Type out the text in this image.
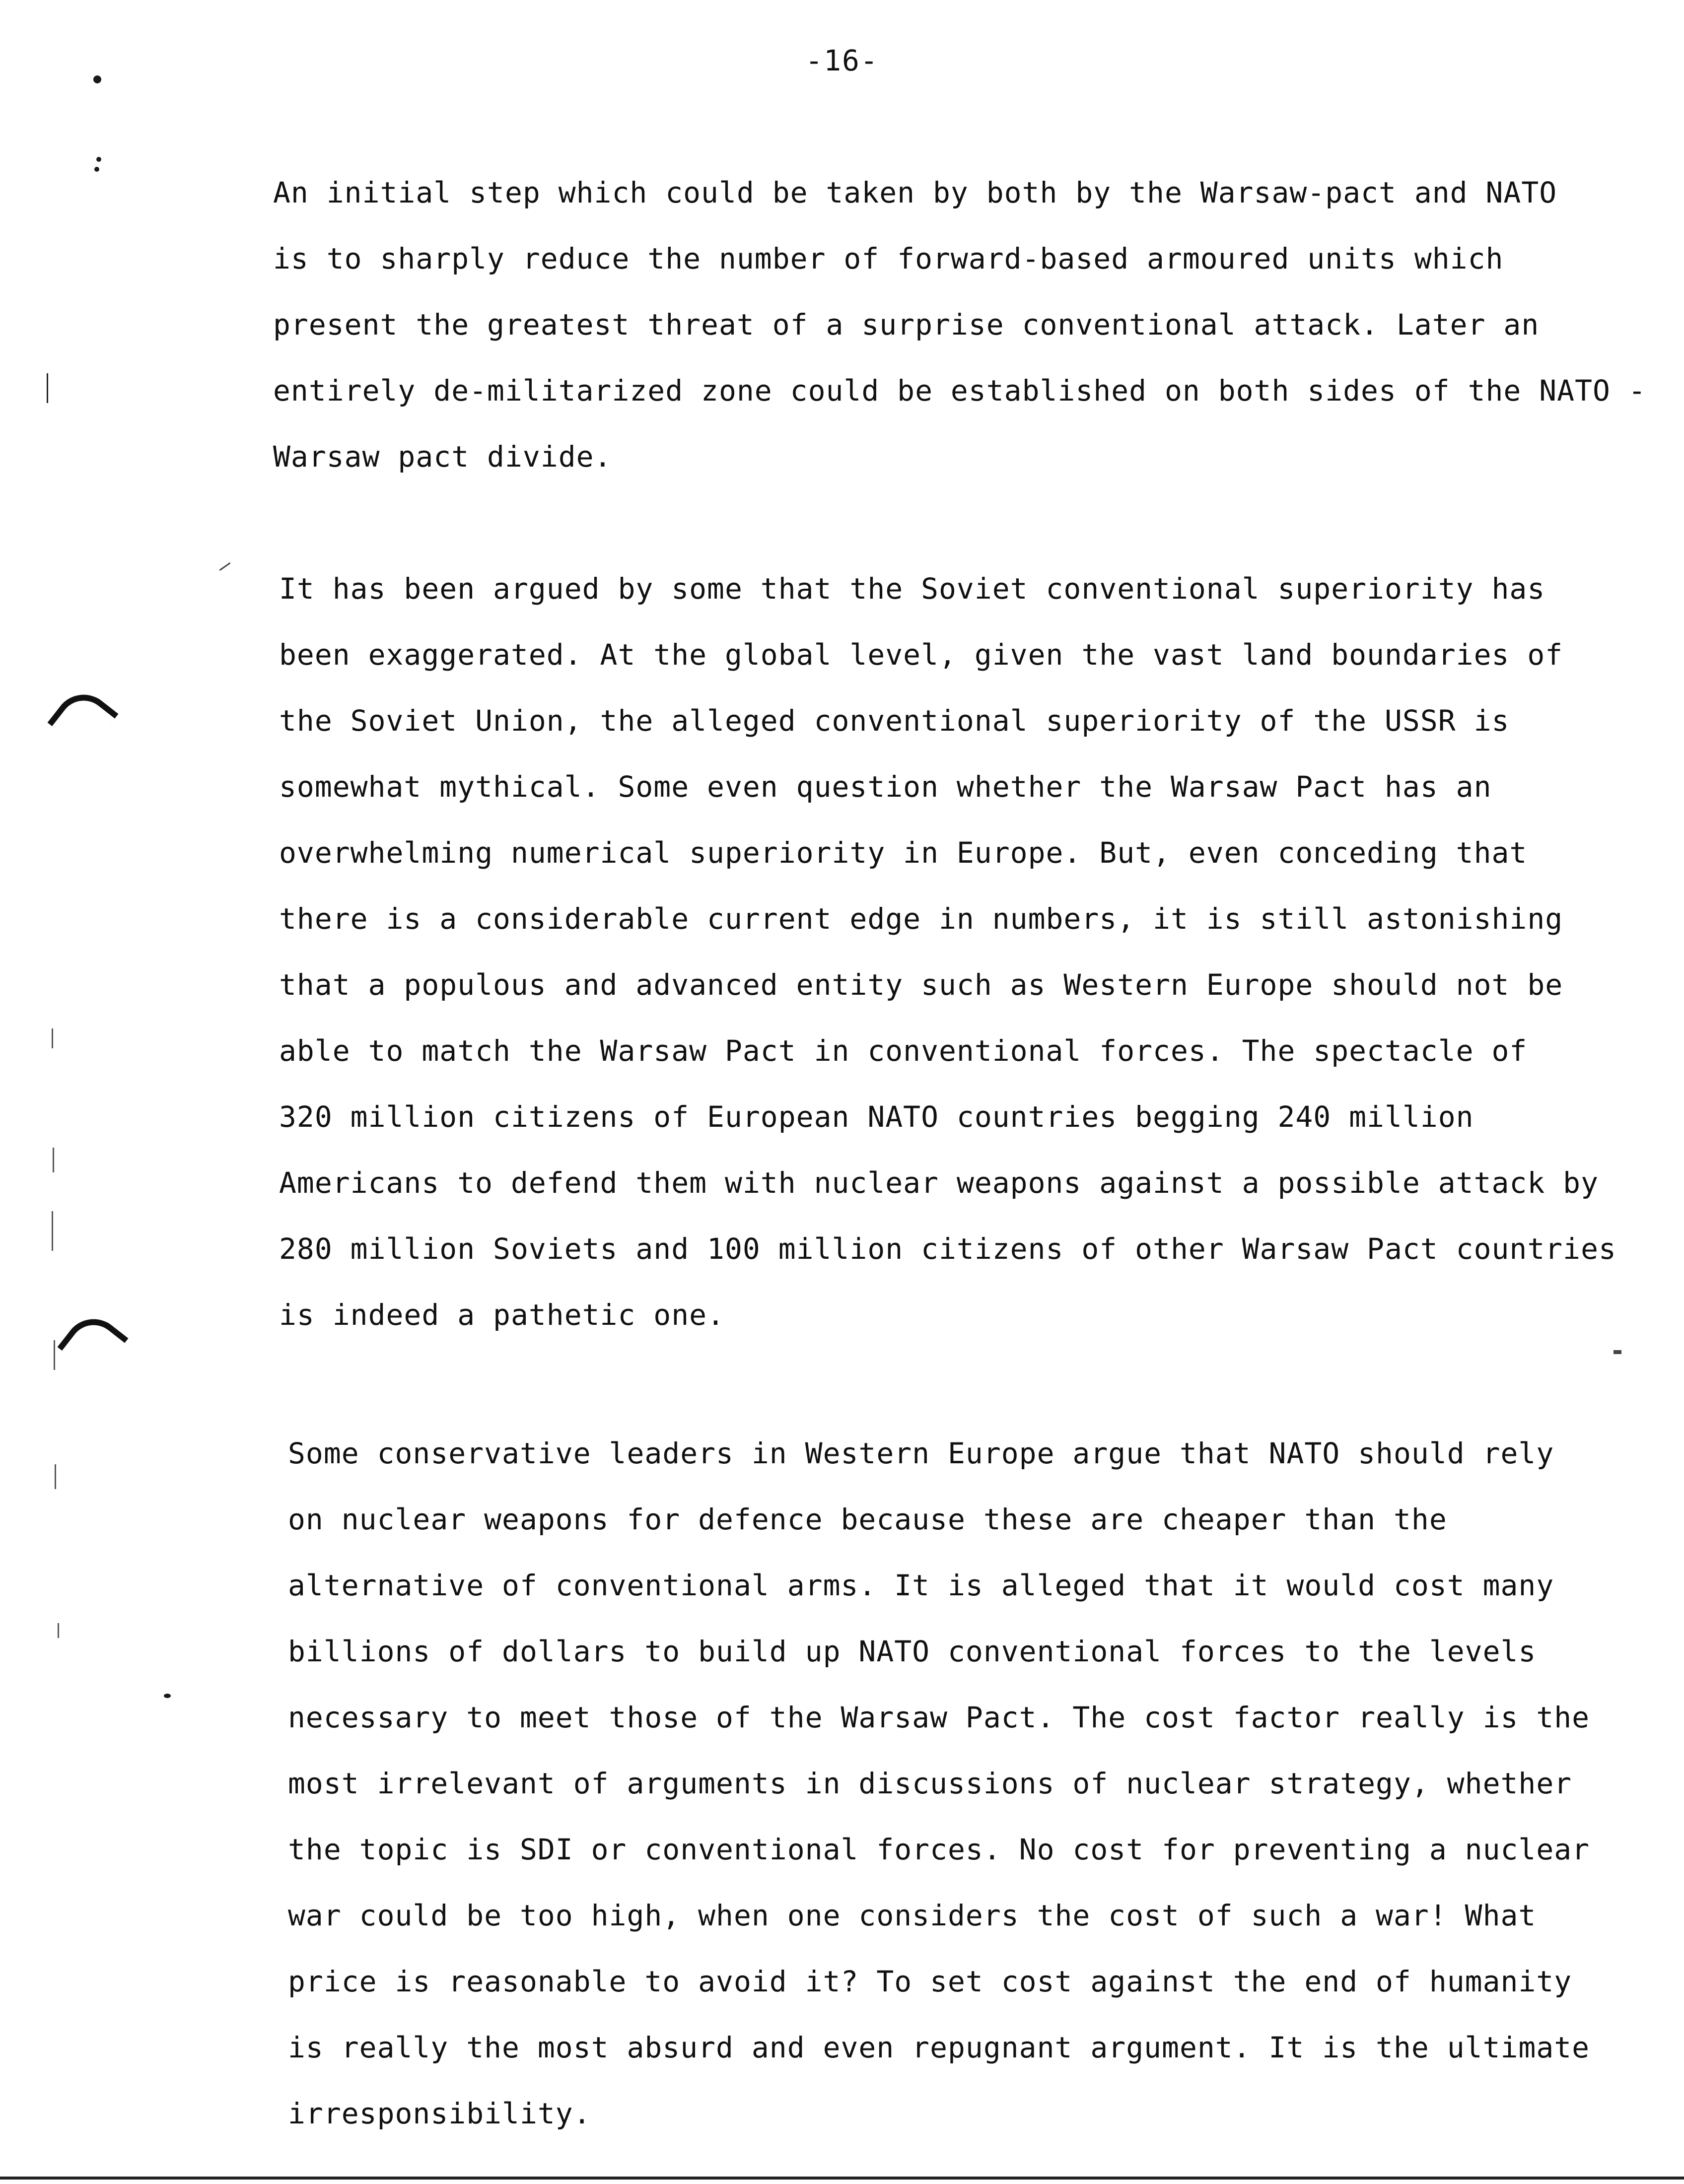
-16-
An initial step which could be taken by both by the Warsaw-pact and NATO
is to sharply reduce the number of forward-based armoured units which
present the greatest threat of a surprise conventional attack. Later an
entirely de-militarized zone could be established on both sides of the NATO -
Warsaw pact divide.
It has been argued by some that the Soviet conventional superiority has
been exaggerated. At the global level, given the vast land boundaries of
the Soviet Union, the alleged conventional superiority of the USSR is
somewhat mythical. Some even question whether the Warsaw Pact has an
overwhelming numerical superiority in Europe. But, even conceding that
there is a considerable current edge in numbers, it is still astonishing
that a populous and advanced entity such as Western Europe should not be
able to match the Warsaw Pact in conventional forces. The spectacle of
320 million citizens of European NATO countries begging 240 million
Americans to defend them with nuclear weapons against a possible attack by
280 million Soviets and 100 million citizens of other Warsaw Pact countries
is indeed a pathetic one.
Some conservative leaders in Western Europe argue that NATO should rely
on nuclear weapons for defence because these are cheaper than the
alternative of conventional arms. It is alleged that it would cost many
billions of dollars to build up NATO conventional forces to the levels
necessary to meet those of the Warsaw Pact. The cost factor really is the
most irrelevant of arguments in discussions of nuclear strategy, whether
the topic is SDI or conventional forces. No cost for preventing a nuclear
war could be too high, when one considers the cost of such a war! What
price is reasonable to avoid it? To set cost against the end of humanity
is really the most absurd and even repugnant argument. It is the ultimate
irresponsibility.
